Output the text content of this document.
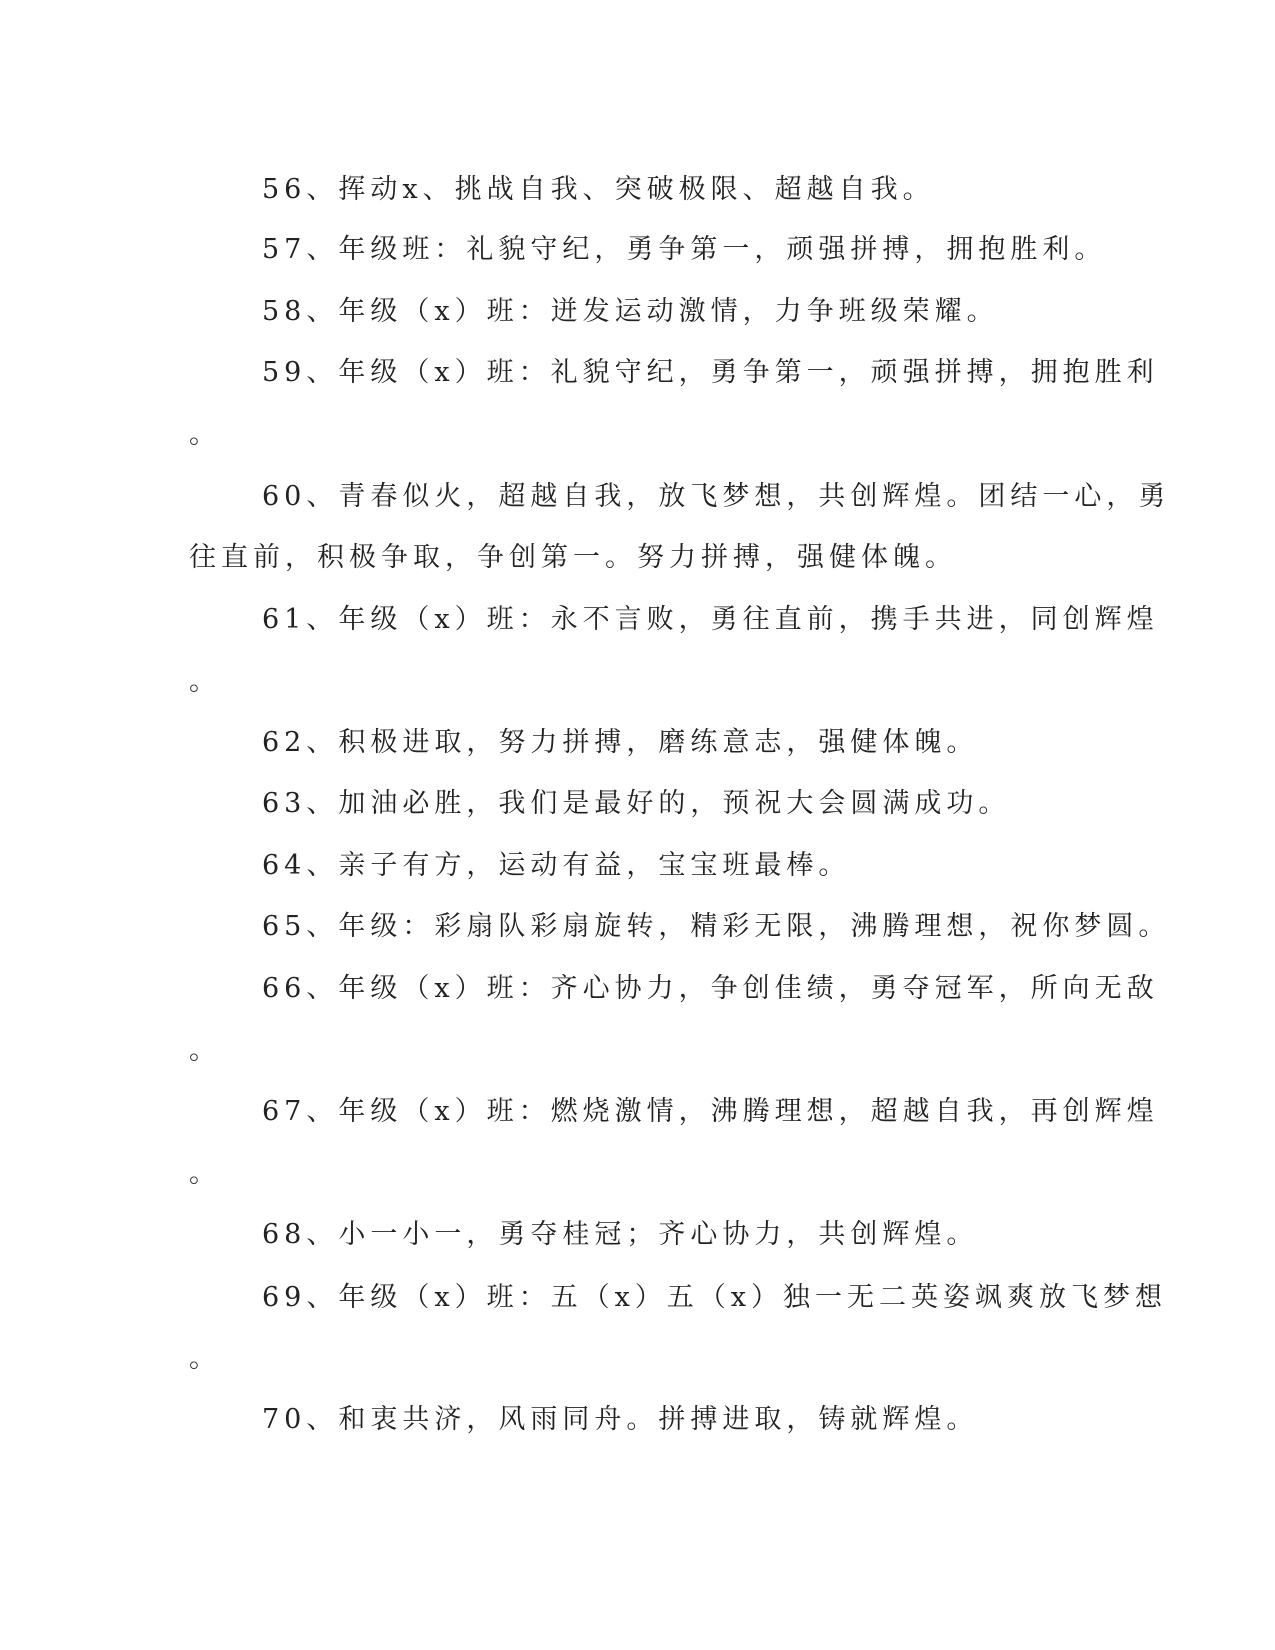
56、挥动x、挑战自我、突破极限、超越自我。
57、年级班：礼貌守纪，勇争第一，顽强拼搏，拥抱胜利。
58、年级（x）班：迸发运动激情，力争班级荣耀。
59、年级（x）班：礼貌守纪，勇争第一，顽强拼搏，拥抱胜利
。
60、青春似火，超越自我，放飞梦想，共创辉煌。团结一心，勇
往直前，积极争取，争创第一。努力拼搏，强健体魄。
61、年级（x）班：永不言败，勇往直前，携手共进，同创辉煌
。
62、积极进取，努力拼搏，磨练意志，强健体魄。
63、加油必胜，我们是最好的，预祝大会圆满成功。
64、亲子有方，运动有益，宝宝班最棒。
65、年级：彩扇队彩扇旋转，精彩无限，沸腾理想，祝你梦圆。
66、年级（x）班：齐心协力，争创佳绩，勇夺冠军，所向无敌
。
67、年级（x）班：燃烧激情，沸腾理想，超越自我，再创辉煌
。
68、小一小一，勇夺桂冠；齐心协力，共创辉煌。
69、年级（x）班：五（x）五（x）独一无二英姿飒爽放飞梦想
。
70、和衷共济，风雨同舟。拼搏进取，铸就辉煌。
